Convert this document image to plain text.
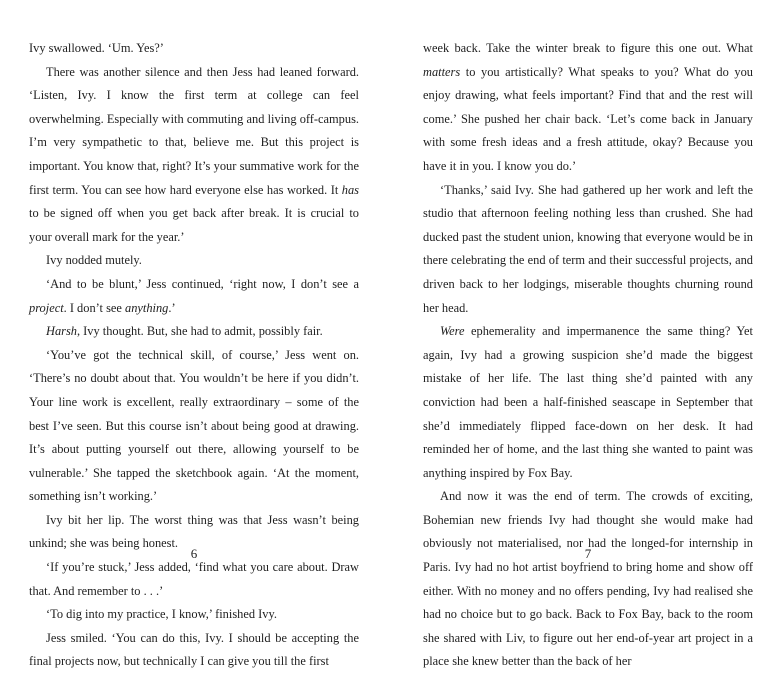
Ivy swallowed. ‘Um. Yes?’

There was another silence and then Jess had leaned forward. ‘Listen, Ivy. I know the first term at college can feel overwhelming. Especially with commuting and living off-campus. I’m very sympathetic to that, believe me. But this project is important. You know that, right? It’s your summative work for the first term. You can see how hard everyone else has worked. It has to be signed off when you get back after break. It is crucial to your overall mark for the year.’

Ivy nodded mutely.

‘And to be blunt,’ Jess continued, ‘right now, I don’t see a project. I don’t see anything.’

Harsh, Ivy thought. But, she had to admit, possibly fair.

‘You’ve got the technical skill, of course,’ Jess went on. ‘There’s no doubt about that. You wouldn’t be here if you didn’t. Your line work is excellent, really extraordinary – some of the best I’ve seen. But this course isn’t about being good at drawing. It’s about putting yourself out there, allowing yourself to be vulnerable.’ She tapped the sketchbook again. ‘At the moment, something isn’t working.’

Ivy bit her lip. The worst thing was that Jess wasn’t being unkind; she was being honest.

‘If you’re stuck,’ Jess added, ‘find what you care about. Draw that. And remember to . . .’

‘To dig into my practice, I know,’ finished Ivy.

Jess smiled. ‘You can do this, Ivy. I should be accepting the final projects now, but technically I can give you till the first

6

week back. Take the winter break to figure this one out. What matters to you artistically? What speaks to you? What do you enjoy drawing, what feels important? Find that and the rest will come.’ She pushed her chair back. ‘Let’s come back in January with some fresh ideas and a fresh attitude, okay? Because you have it in you. I know you do.’

‘Thanks,’ said Ivy. She had gathered up her work and left the studio that afternoon feeling nothing less than crushed. She had ducked past the student union, knowing that everyone would be in there celebrating the end of term and their successful projects, and driven back to her lodgings, miserable thoughts churning round her head.

Were ephemerality and impermanence the same thing? Yet again, Ivy had a growing suspicion she’d made the biggest mistake of her life. The last thing she’d painted with any conviction had been a half-finished seascape in September that she’d immediately flipped face-down on her desk. It had reminded her of home, and the last thing she wanted to paint was anything inspired by Fox Bay.

And now it was the end of term. The crowds of exciting, Bohemian new friends Ivy had thought she would make had obviously not materialised, nor had the longed-for internship in Paris. Ivy had no hot artist boyfriend to bring home and show off either. With no money and no offers pending, Ivy had realised she had no choice but to go back. Back to Fox Bay, back to the room she shared with Liv, to figure out her end-of-year art project in a place she knew better than the back of her

7
